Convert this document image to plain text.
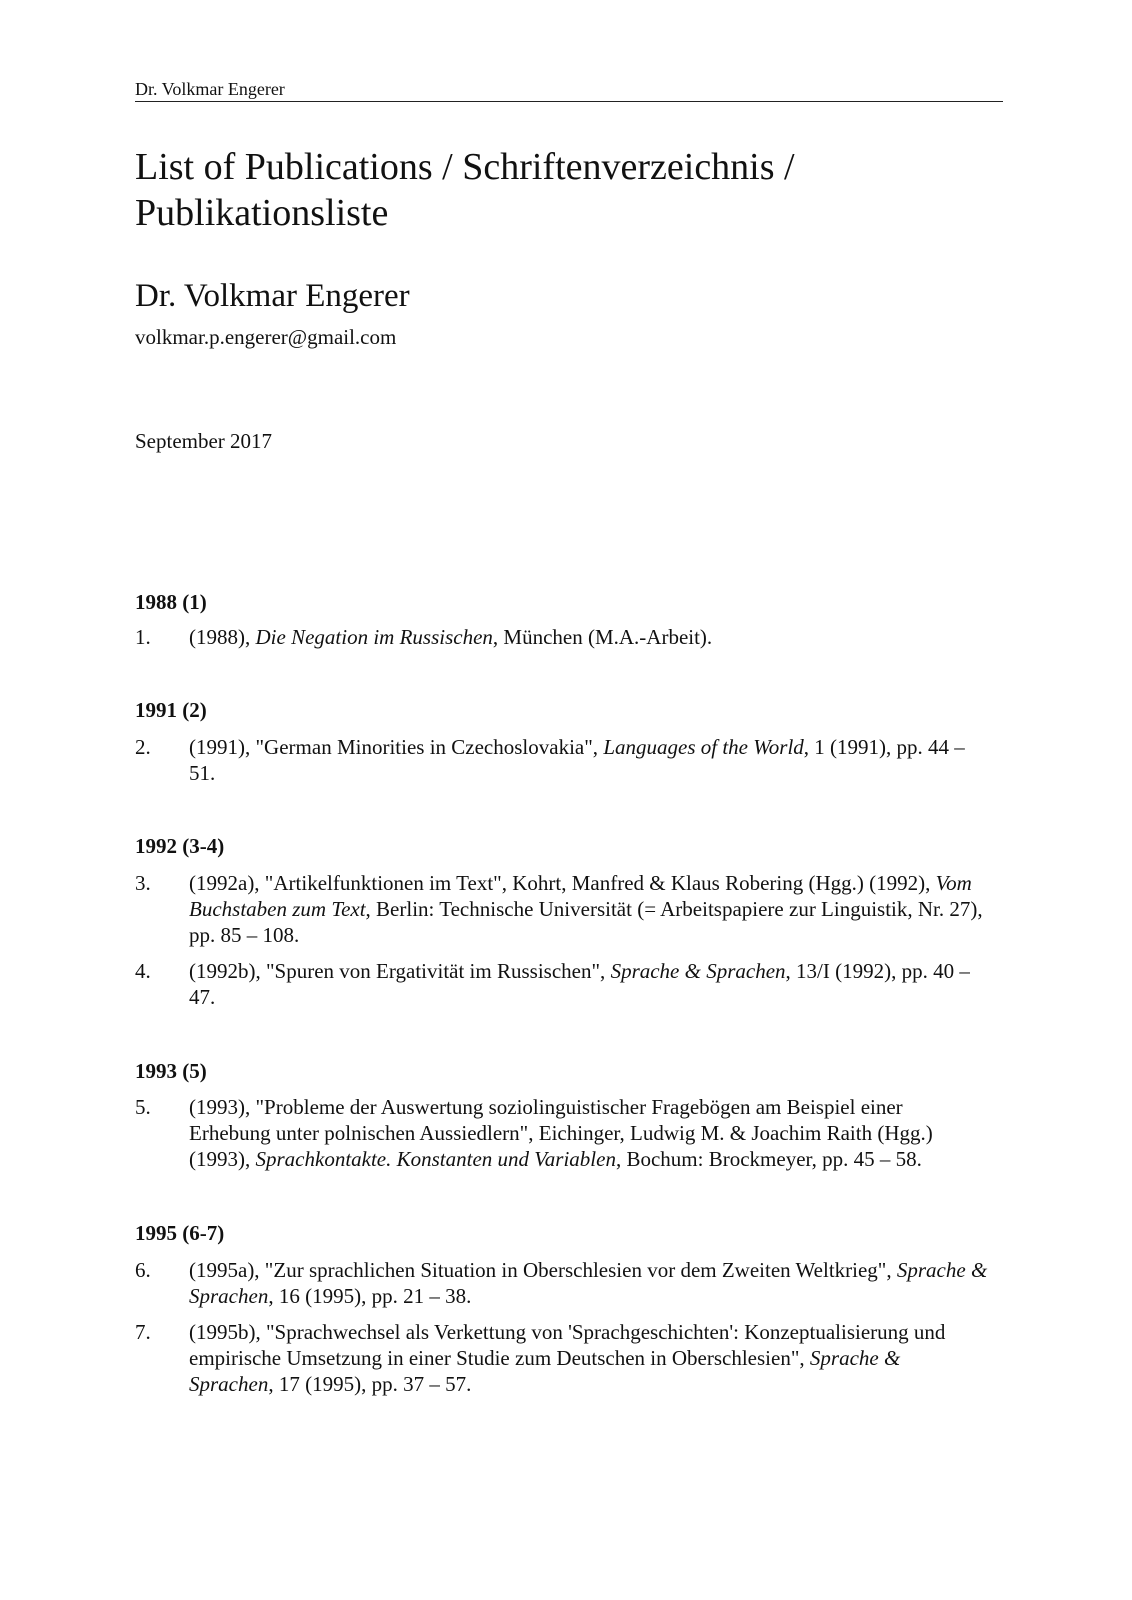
Dr. Volkmar Engerer
List of Publications / Schriftenverzeichnis /
Publikationsliste
Dr. Volkmar Engerer
volkmar.p.engerer@gmail.com
September 2017
1988 (1)
1. (1988), Die Negation im Russischen, München (M.A.-Arbeit).
1991 (2)
2. (1991), "German Minorities in Czechoslovakia", Languages of the World, 1 (1991), pp. 44 – 51.
1992 (3-4)
3. (1992a), "Artikelfunktionen im Text", Kohrt, Manfred & Klaus Robering (Hgg.) (1992), Vom Buchstaben zum Text, Berlin: Technische Universität (= Arbeitspapiere zur Linguistik, Nr. 27), pp. 85 – 108.
4. (1992b), "Spuren von Ergativität im Russischen", Sprache & Sprachen, 13/I (1992), pp. 40 – 47.
1993 (5)
5. (1993), "Probleme der Auswertung soziolinguistischer Fragebögen am Beispiel einer Erhebung unter polnischen Aussiedlern", Eichinger, Ludwig M. & Joachim Raith (Hgg.) (1993), Sprachkontakte. Konstanten und Variablen, Bochum: Brockmeyer, pp. 45 – 58.
1995 (6-7)
6. (1995a), "Zur sprachlichen Situation in Oberschlesien vor dem Zweiten Weltkrieg", Sprache & Sprachen, 16 (1995), pp. 21 – 38.
7. (1995b), "Sprachwechsel als Verkettung von 'Sprachgeschichten': Konzeptualisierung und empirische Umsetzung in einer Studie zum Deutschen in Oberschlesien", Sprache & Sprachen, 17 (1995), pp. 37 – 57.
